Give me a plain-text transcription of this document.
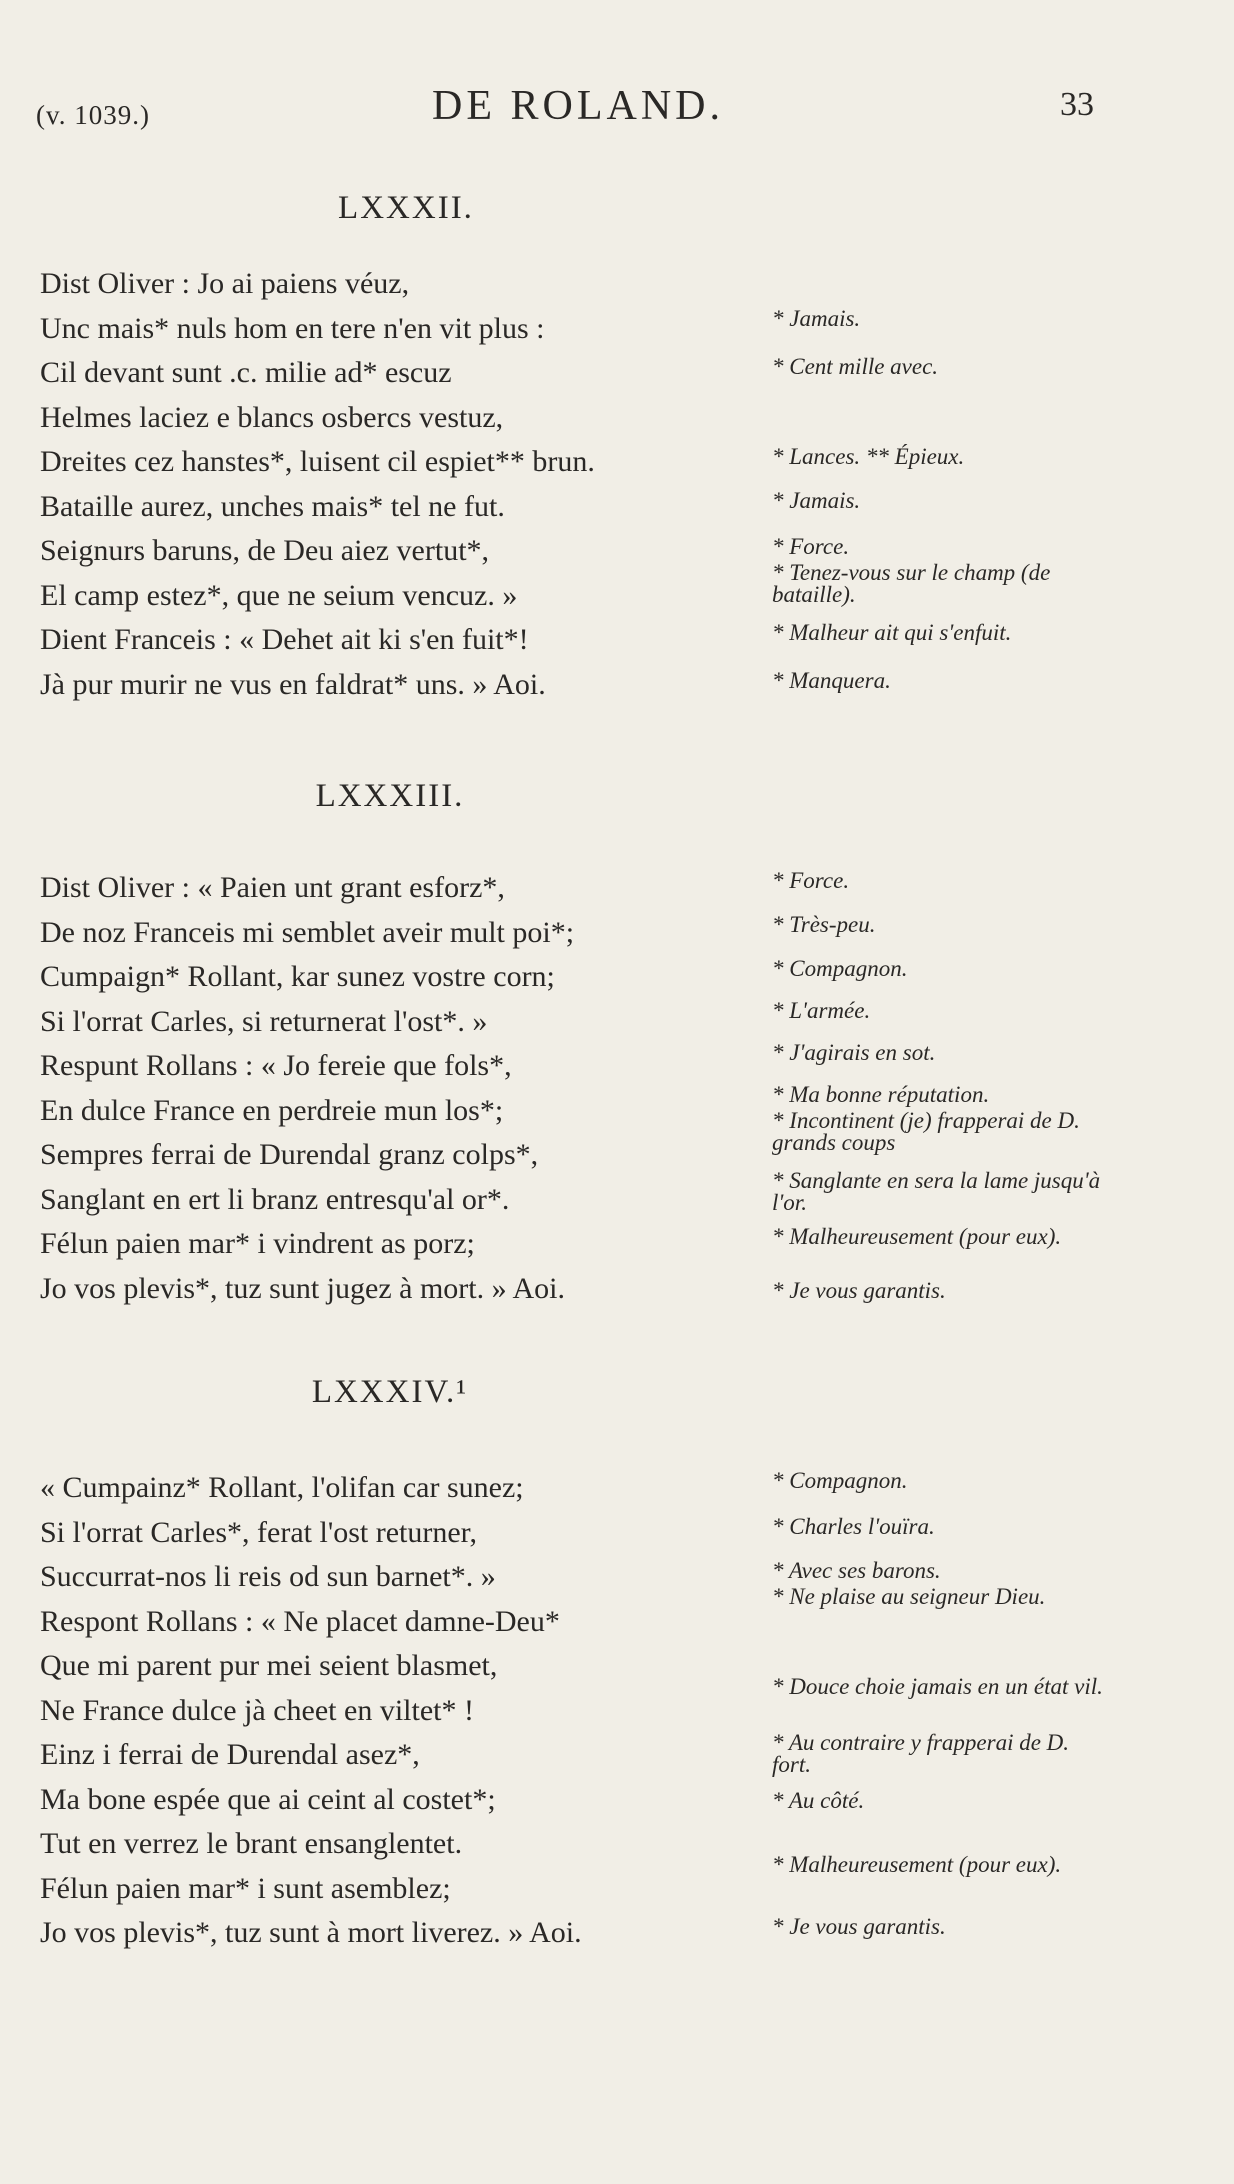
(v. 1039.)	DE ROLAND.	33
LXXXII.
Dist Oliver : Jo ai paiens véuz,
Unc mais* nuls hom en tere n'en vit plus :
Cil devant sunt .c. milie ad* escuz
Helmes laciez e blancs osbercs vestuz,
Dreites cez hanstes*, luisent cil espiet** brun.
Bataille aurez, unches mais* tel ne fut.
Seignurs baruns, de Deu aiez vertut*,
El camp estez*, que ne seium vencuz. »
Dient Franceis : « Dehet ait ki s'en fuit*!
Jà pur murir ne vus en faldrat* uns. » Aoi.
* Jamais.
* Cent mille avec.
* Lances. ** Épieux.
* Jamais.
* Force.
* Tenez-vous sur le champ (de bataille).
* Malheur ait qui s'enfuit.
* Manquera.
LXXXIII.
Dist Oliver : « Paien unt grant esforz*,
De noz Franceis mi semblet aveir mult poi*;
Cumpaign* Rollant, kar sunez vostre corn;
Si l'orrat Carles, si returnerat l'ost*. »
Respunt Rollans : « Jo fereie que fols*,
En dulce France en perdreie mun los*;
Sempres ferrai de Durendal granz colps*,
Sanglant en ert li branz entresqu'al or*.
Félun paien mar* i vindrent as porz;
Jo vos plevis*, tuz sunt jugez à mort. » Aoi.
* Force.
* Très-peu.
* Compagnon.
* L'armée.
* J'agirais en sot.
* Ma bonne réputation.
* Incontinent (je) frapperai de D. grands coups
* Sanglante en sera la lame jusqu'à l'or.
* Malheureusement (pour eux).
* Je vous garantis.
LXXXIV.¹
« Cumpainz* Rollant, l'olifan car sunez;
Si l'orrat Carles*, ferat l'ost returner,
Succurrat-nos li reis od sun barnet*. »
Respont Rollans : « Ne placet damne-Deu*
Que mi parent pur mei seient blasmet,
Ne France dulce jà cheet en viltet* !
Einz i ferrai de Durendal asez*,
Ma bone espée que ai ceint al costet*;
Tut en verrez le brant ensanglentet.
Félun paien mar* i sunt asemblez;
Jo vos plevis*, tuz sunt à mort liverez. » Aoi.
* Compagnon.
* Charles l'ouïra.
* Avec ses barons.
* Ne plaise au seigneur Dieu.
* Douce choie jamais en un état vil.
* Au contraire y frapperai de D. fort.
* Au côté.
* Malheureusement (pour eux).
* Je vous garantis.
